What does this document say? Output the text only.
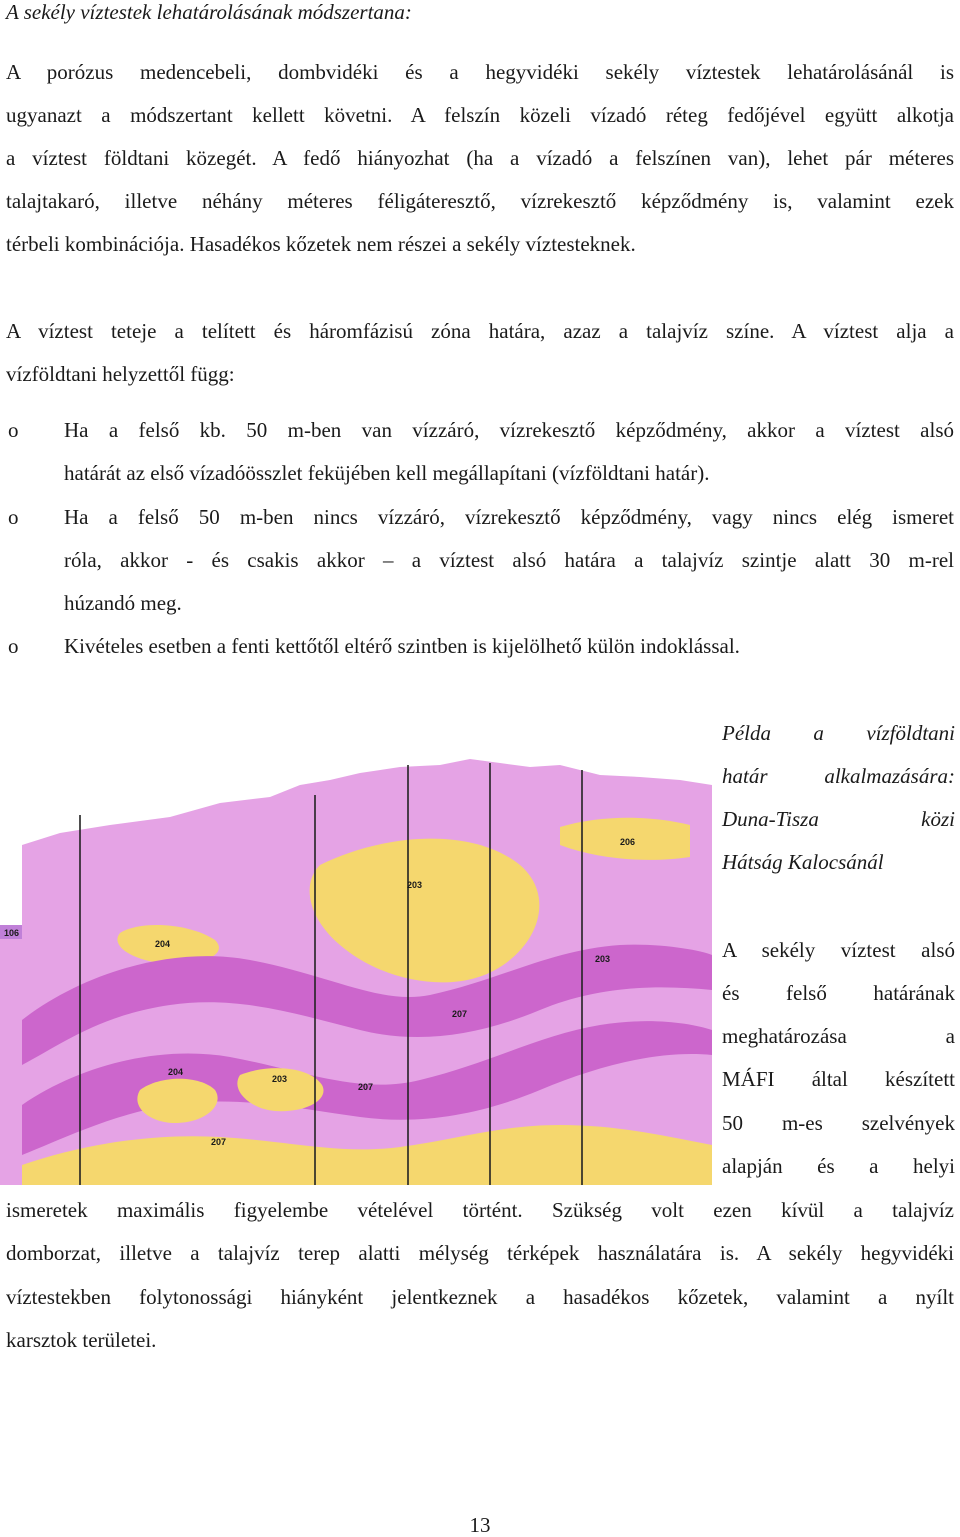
A sekély víztestek lehatárolásának módszertana:
A porózus medencebeli, dombvidéki és a hegyvidéki sekély víztestek lehatárolásánál is
ugyanazt a módszertant kellett követni. A felszín közeli vízadó réteg fedőjével együtt alkotja
a víztest földtani közegét. A fedő hiányozhat (ha a vízadó a felszínen van), lehet pár méteres
talajtakaró, illetve néhány méteres féligáteresztő, vízrekesztő képződmény is, valamint ezek
térbeli kombinációja. Hasadékos kőzetek nem részei a sekély víztesteknek.
A víztest teteje a telített és háromfázisú zóna határa, azaz a talajvíz színe. A víztest alja a
vízföldtani helyzettől függ:
o Ha a felső kb. 50 m-ben van vízzáró, vízrekesztő képződmény, akkor a víztest alsó
határát az első vízadóösszlet feküjében kell megállapítani (vízföldtani határ).
o Ha a felső 50 m-ben nincs vízzáró, vízrekesztő képződmény, vagy nincs elég ismeret
róla, akkor - és csakis akkor – a víztest alsó határa a talajvíz szintje alatt 30 m-rel
húzandó meg.
o Kivételes esetben a fenti kettőtől eltérő szintben is kijelölhető külön indoklással.
106
204
203
206
203
207
204
203
207
207
Példa a vízföldtani
határ alkalmazására:
Duna-Tisza közi
Hátság Kalocsánál
A sekély víztest alsó
és felső határának
meghatározása a
MÁFI által készített
50 m-es szelvények
alapján és a helyi
ismeretek maximális figyelembe vételével történt. Szükség volt ezen kívül a talajvíz
domborzat, illetve a talajvíz terep alatti mélység térképek használatára is. A sekély hegyvidéki
víztestekben folytonossági hiányként jelentkeznek a hasadékos kőzetek, valamint a nyílt
karsztok területei.
13
